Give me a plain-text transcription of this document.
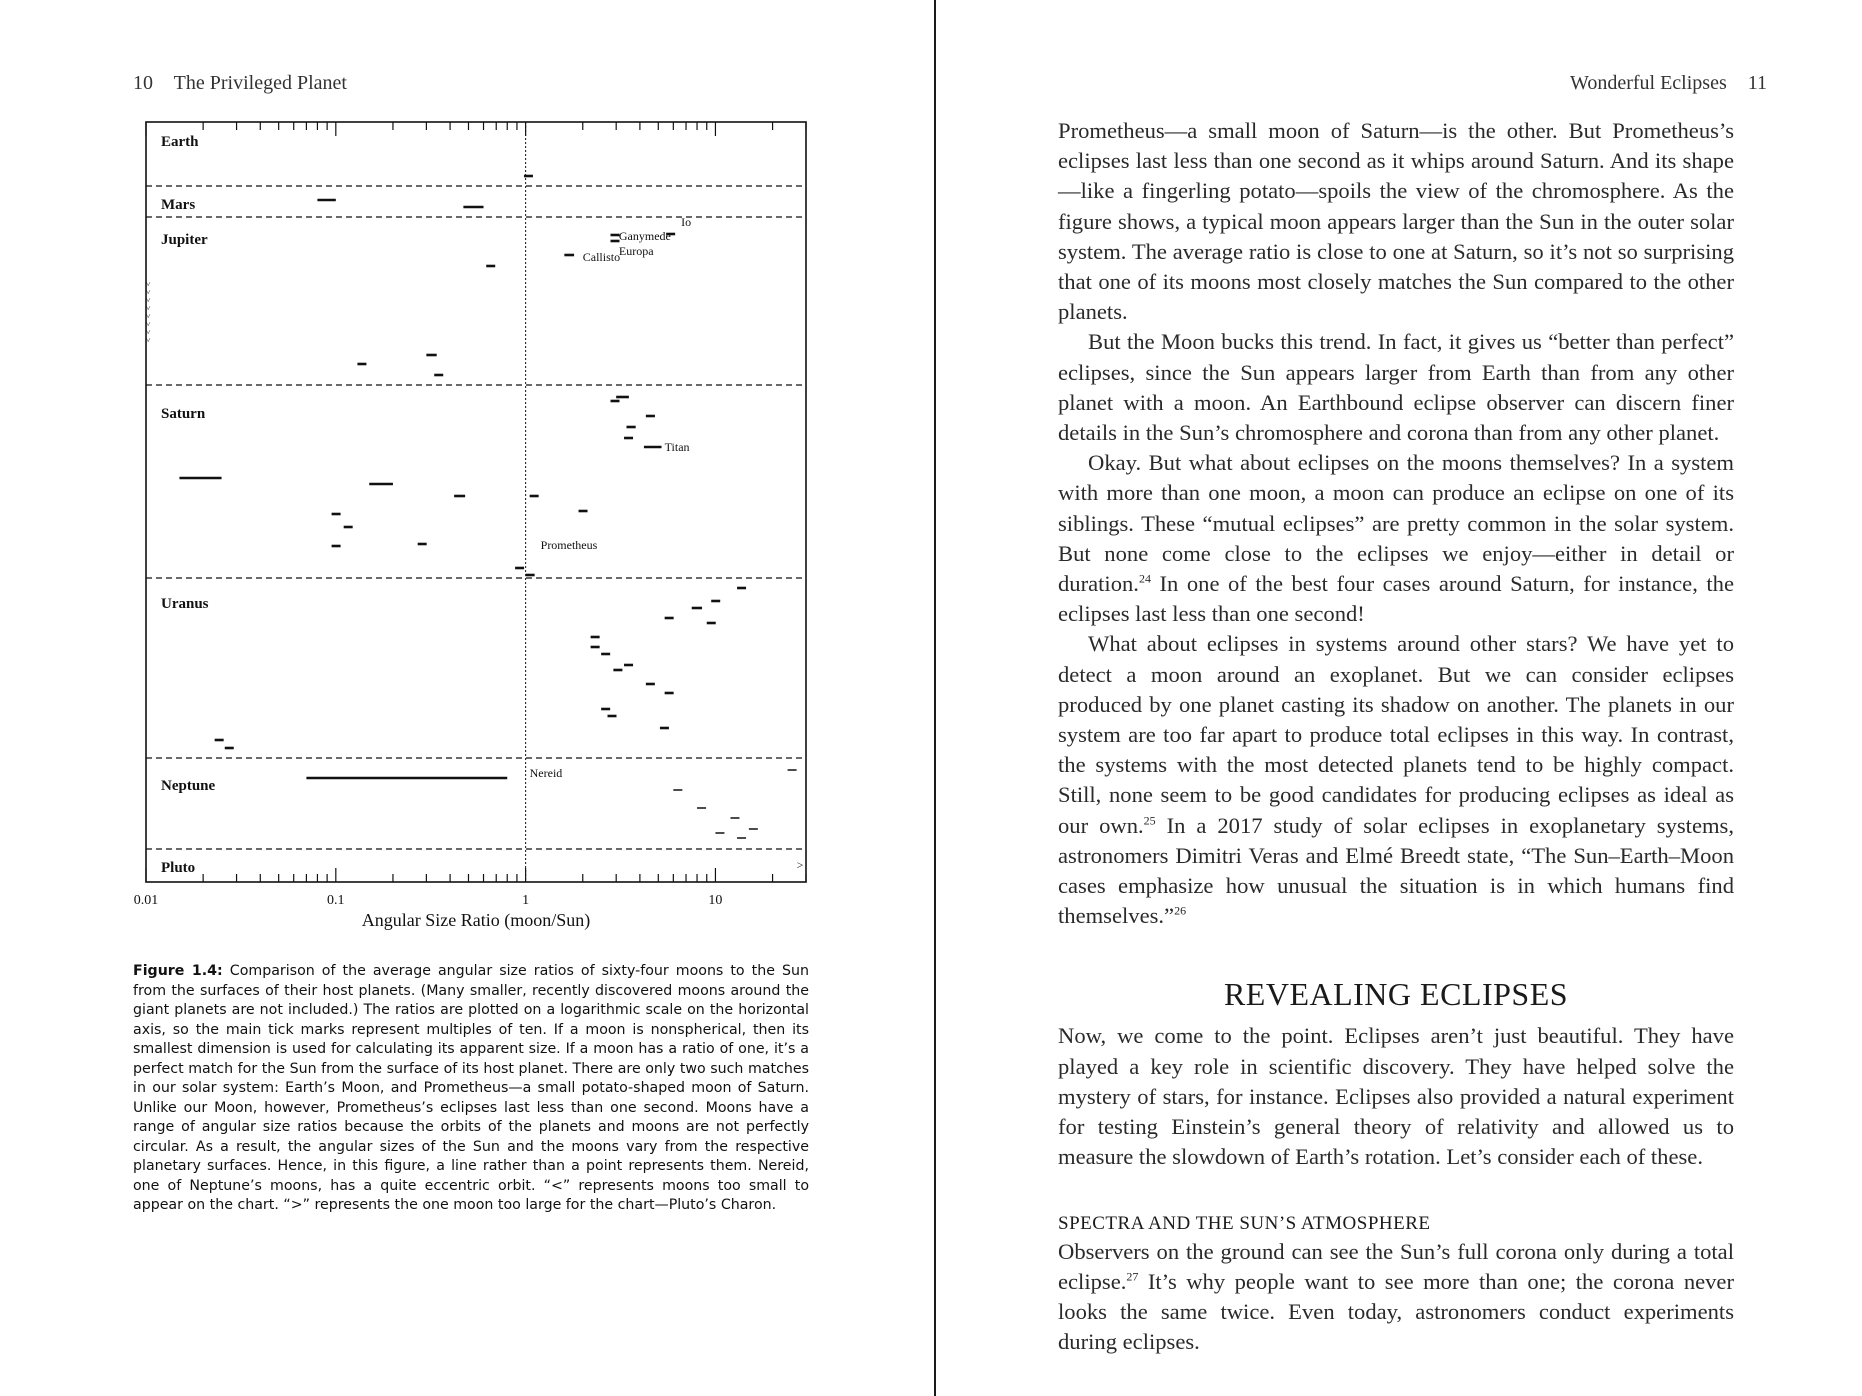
10 The Privileged Planet	Wonderful Eclipses 11
0.01	0.1	1	10
Angular Size Ratio (moon/Sun)
Earth
Mars
Jupiter
Saturn
Uranus
Neptune
Pluto
Io
Ganymede
Europa
Callisto
Titan
Prometheus
Nereid
<
<
<
<
<
<
<
<
>
Figure 1.4: Comparison of the average angular size ratios of sixty-four moons to the Sun from the surfaces of their host planets. (Many smaller, recently discovered moons around the giant planets are not included.) The ratios are plotted on a logarithmic scale on the horizontal axis, so the main tick marks represent multiples of ten. If a moon is nonspherical, then its smallest dimension is used for calculating its apparent size. If a moon has a ratio of one, it’s a perfect match for the Sun from the surface of its host planet. There are only two such matches in our solar system: Earth’s Moon, and Prometheus—a small potato-shaped moon of Saturn. Unlike our Moon, however, Prometheus’s eclipses last less than one second. Moons have a range of angular size ratios because the orbits of the planets and moons are not perfectly circular. As a result, the angular sizes of the Sun and the moons vary from the respective planetary surfaces. Hence, in this figure, a line rather than a point represents them. Nereid, one of Neptune’s moons, has a quite eccentric orbit. “<” represents moons too small to appear on the chart. “>” represents the one moon too large for the chart—Pluto’s Charon.

Prometheus—a small moon of Saturn—is the other. But Prometheus’s eclipses last less than one second as it whips around Saturn. And its shape—like a fingerling potato—spoils the view of the chromosphere. As the figure shows, a typical moon appears larger than the Sun in the outer solar system. The average ratio is close to one at Saturn, so it’s not so surprising that one of its moons most closely matches the Sun compared to the other planets.

But the Moon bucks this trend. In fact, it gives us “better than perfect” eclipses, since the Sun appears larger from Earth than from any other planet with a moon. An Earthbound eclipse observer can discern finer details in the Sun’s chromosphere and corona than from any other planet.

Okay. But what about eclipses on the moons themselves? In a system with more than one moon, a moon can produce an eclipse on one of its siblings. These “mutual eclipses” are pretty common in the solar system. But none come close to the eclipses we enjoy—either in detail or duration.$^{24}$ In one of the best four cases around Saturn, for instance, the eclipses last less than one second!

What about eclipses in systems around other stars? We have yet to detect a moon around an exoplanet. But we can consider eclipses produced by one planet casting its shadow on another. The planets in our system are too far apart to produce total eclipses in this way. In contrast, the systems with the most detected planets tend to be highly compact. Still, none seem to be good candidates for producing eclipses as ideal as our own.$^{25}$ In a 2017 study of solar eclipses in exoplanetary systems, astronomers Dimitri Veras and Elmé Breedt state, “The Sun–Earth–Moon cases emphasize how unusual the situation is in which humans find themselves.”$^{26}$

REVEALING ECLIPSES

Now, we come to the point. Eclipses aren’t just beautiful. They have played a key role in scientific discovery. They have helped solve the mystery of stars, for instance. Eclipses also provided a natural experiment for testing Einstein’s general theory of relativity and allowed us to measure the slowdown of Earth’s rotation. Let’s consider each of these.

SPECTRA AND THE SUN’S ATMOSPHERE

Observers on the ground can see the Sun’s full corona only during a total eclipse.$^{27}$ It’s why people want to see more than one; the corona never looks the same twice. Even today, astronomers conduct experiments during eclipses.
